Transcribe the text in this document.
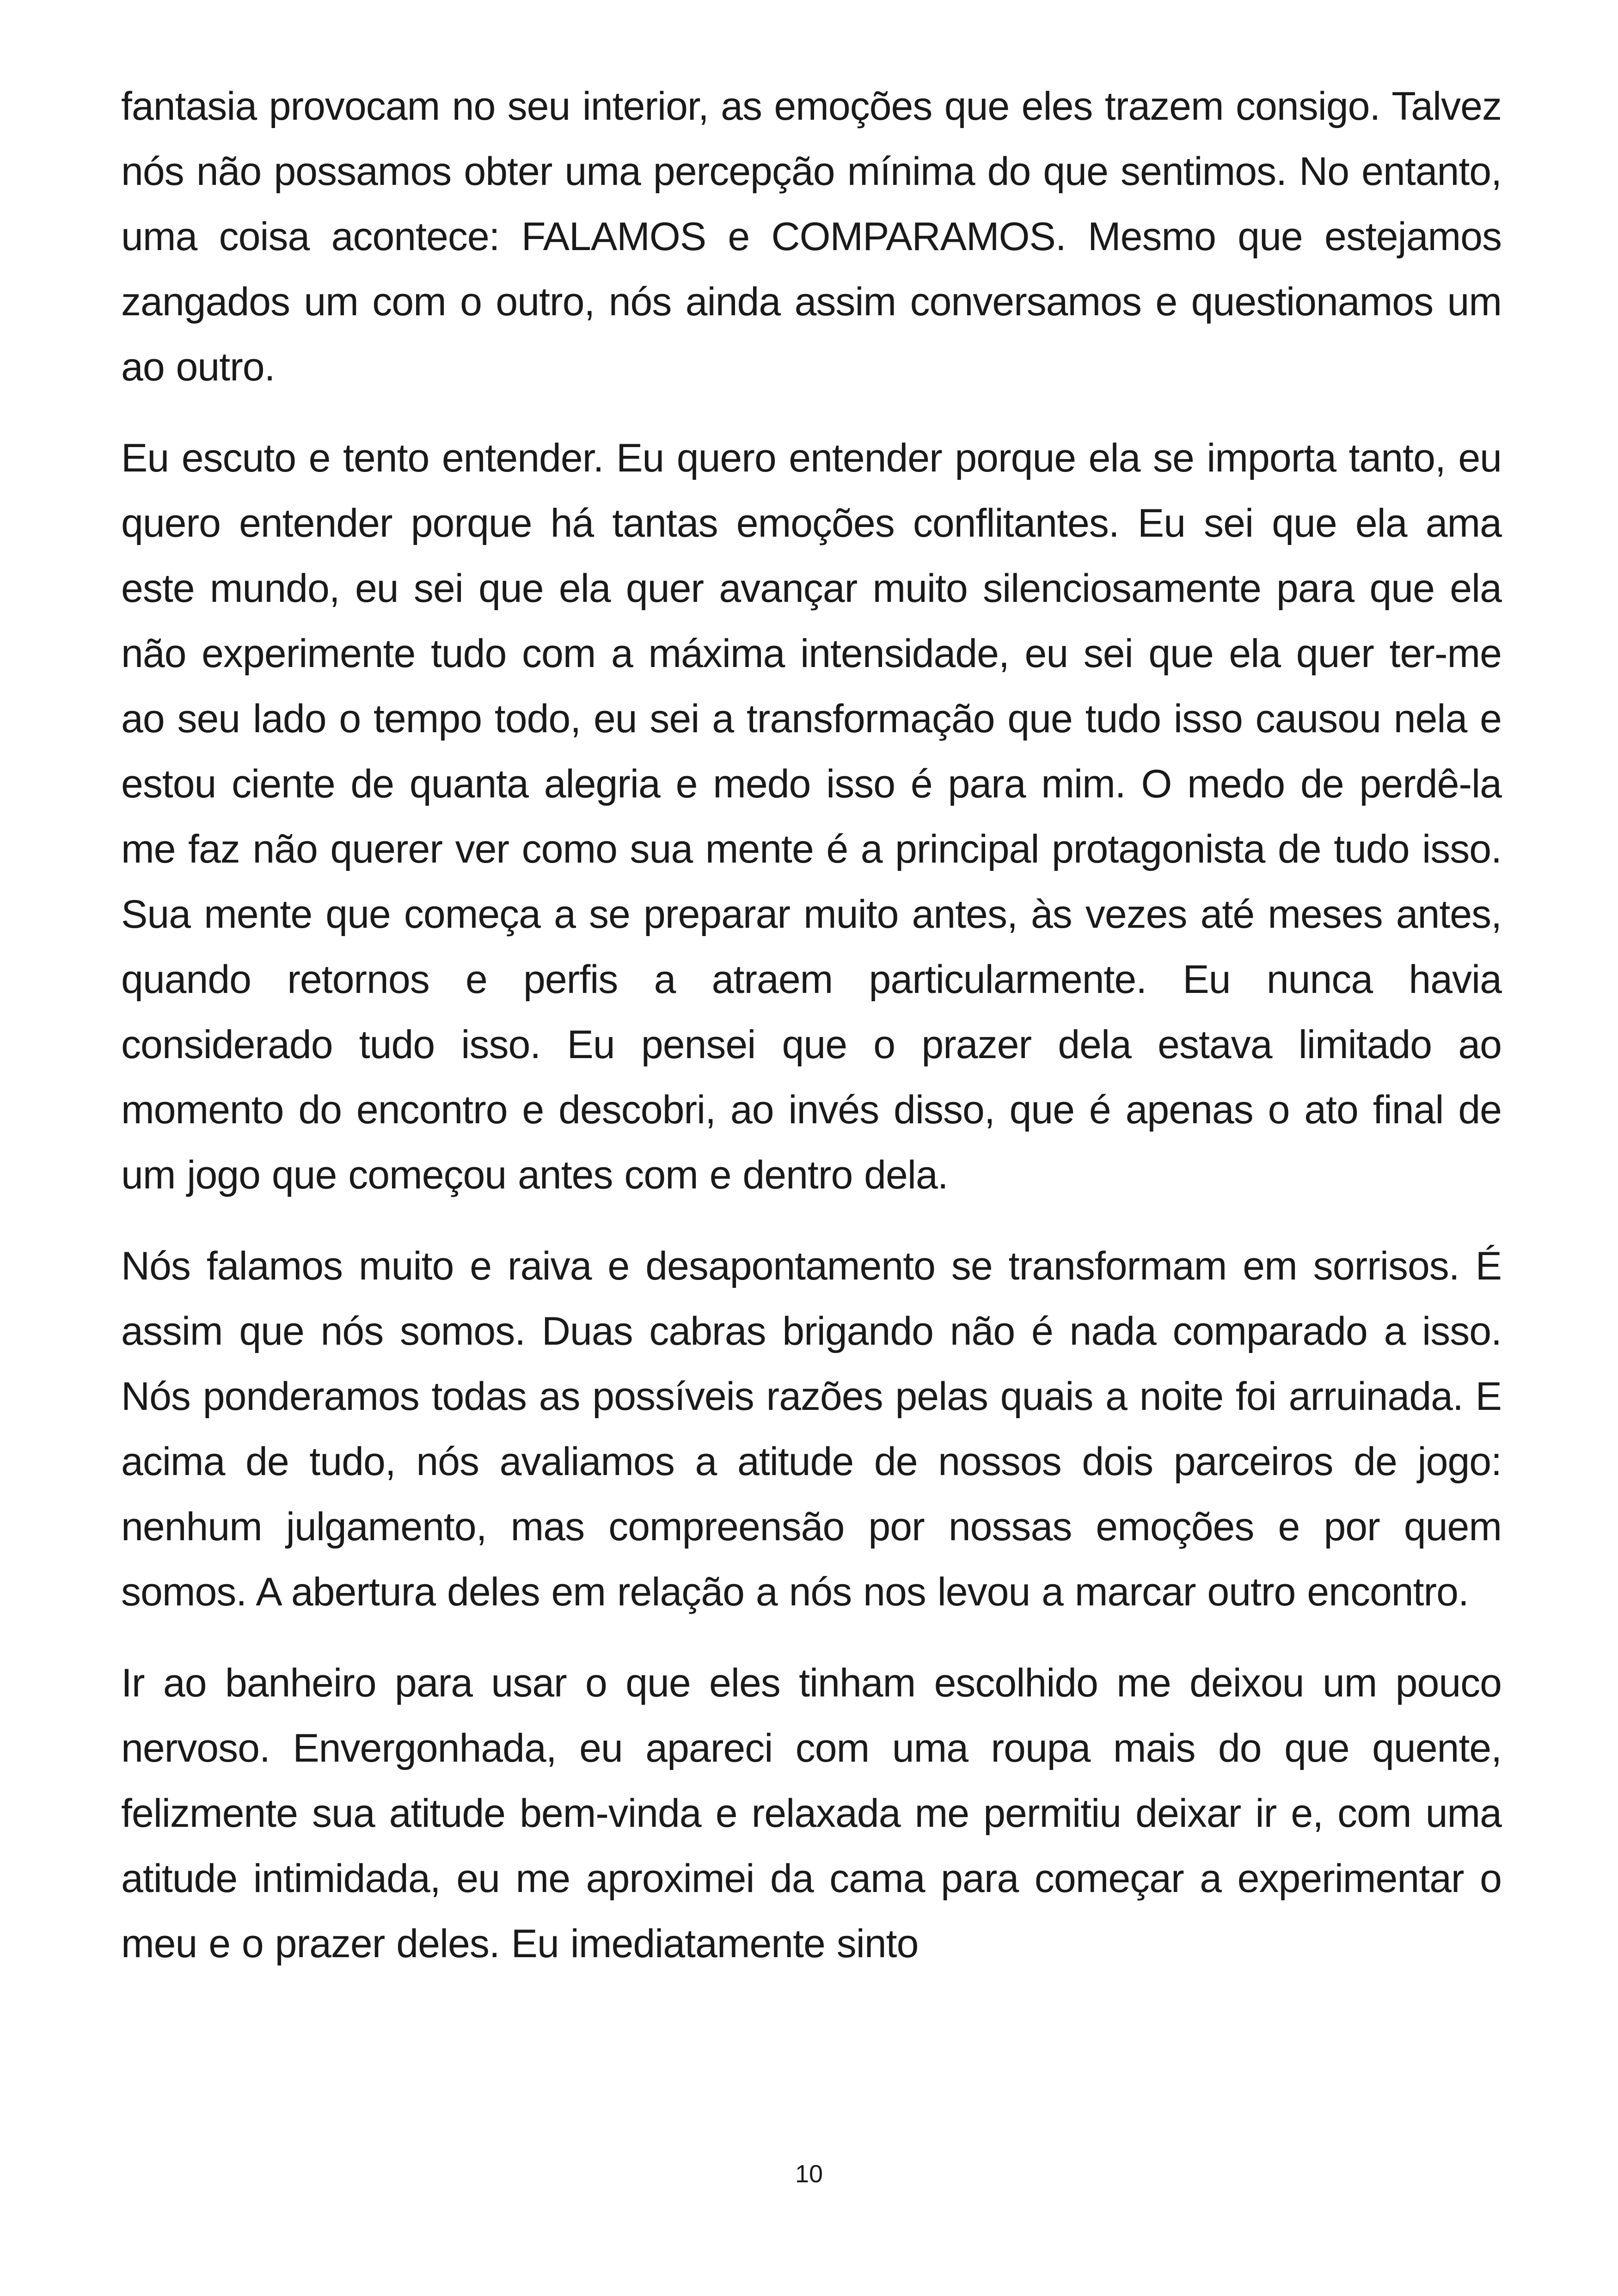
fantasia provocam no seu interior, as emoções que eles trazem consigo. Talvez nós não possamos obter uma percepção mínima do que sentimos. No entanto, uma coisa acontece: FALAMOS e COMPARAMOS. Mesmo que estejamos zangados um com o outro, nós ainda assim conversamos e questionamos um ao outro.

Eu escuto e tento entender. Eu quero entender porque ela se importa tanto, eu quero entender porque há tantas emoções conflitantes. Eu sei que ela ama este mundo, eu sei que ela quer avançar muito silenciosamente para que ela não experimente tudo com a máxima intensidade, eu sei que ela quer ter-me ao seu lado o tempo todo, eu sei a transformação que tudo isso causou nela e estou ciente de quanta alegria e medo isso é para mim. O medo de perdê-la me faz não querer ver como sua mente é a principal protagonista de tudo isso. Sua mente que começa a se preparar muito antes, às vezes até meses antes, quando retornos e perfis a atraem particularmente. Eu nunca havia considerado tudo isso. Eu pensei que o prazer dela estava limitado ao momento do encontro e descobri, ao invés disso, que é apenas o ato final de um jogo que começou antes com e dentro dela.

Nós falamos muito e raiva e desapontamento se transformam em sorrisos. É assim que nós somos. Duas cabras brigando não é nada comparado a isso. Nós ponderamos todas as possíveis razões pelas quais a noite foi arruinada. E acima de tudo, nós avaliamos a atitude de nossos dois parceiros de jogo: nenhum julgamento, mas compreensão por nossas emoções e por quem somos. A abertura deles em relação a nós nos levou a marcar outro encontro.

Ir ao banheiro para usar o que eles tinham escolhido me deixou um pouco nervoso. Envergonhada, eu apareci com uma roupa mais do que quente, felizmente sua atitude bem-vinda e relaxada me permitiu deixar ir e, com uma atitude intimidada, eu me aproximei da cama para começar a experimentar o meu e o prazer deles. Eu imediatamente sinto

10
